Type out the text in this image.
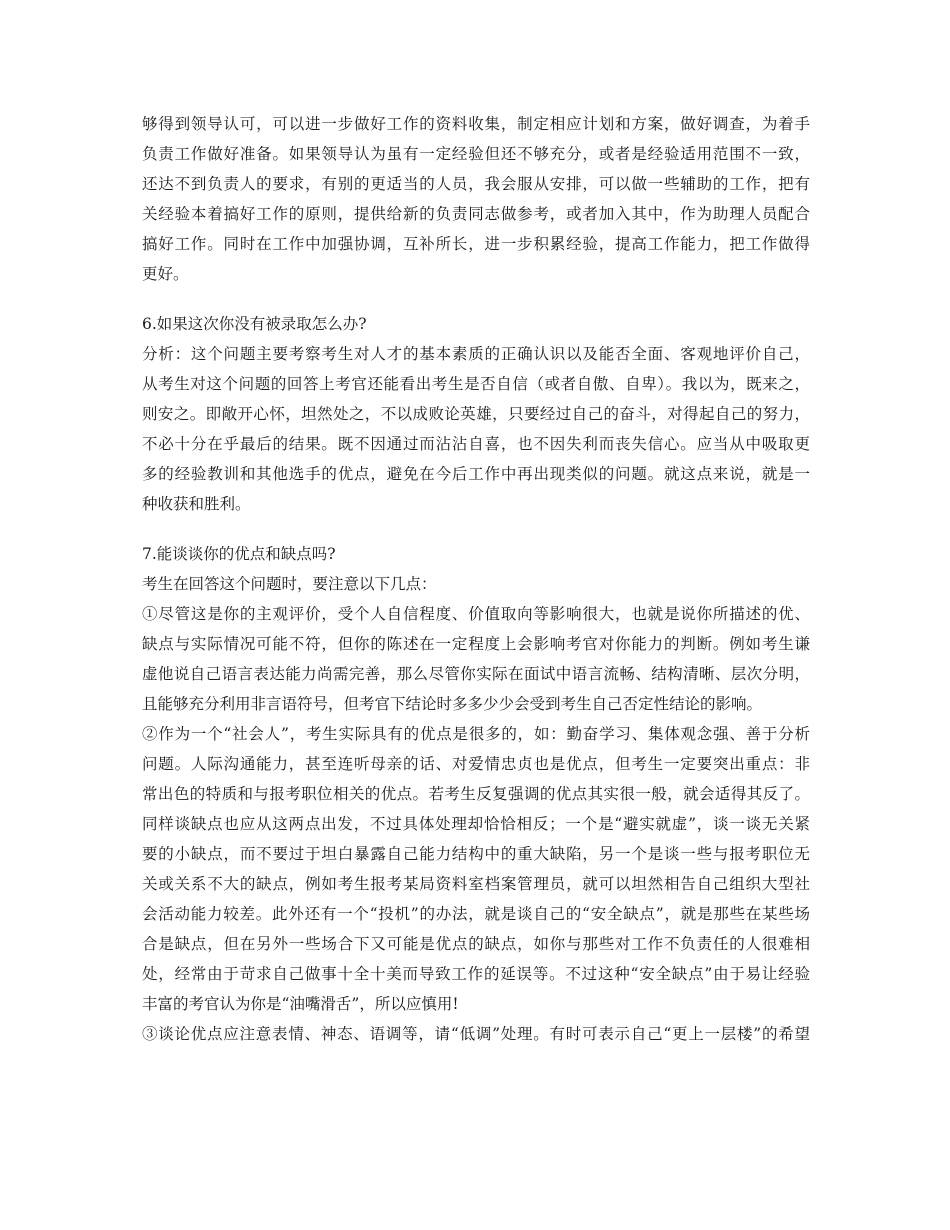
够得到领导认可，可以进一步做好工作的资料收集，制定相应计划和方案，做好调查，为着手
负责工作做好准备。如果领导认为虽有一定经验但还不够充分，或者是经验适用范围不一致，
还达不到负责人的要求，有别的更适当的人员，我会服从安排，可以做一些辅助的工作，把有
关经验本着搞好工作的原则，提供给新的负责同志做参考，或者加入其中，作为助理人员配合
搞好工作。同时在工作中加强协调，互补所长，进一步积累经验，提高工作能力，把工作做得
更好。
6.如果这次你没有被录取怎么办?
分析：这个问题主要考察考生对人才的基本素质的正确认识以及能否全面、客观地评价自己，
从考生对这个问题的回答上考官还能看出考生是否自信（或者自傲、自卑）。我以为，既来之，
则安之。即敞开心怀，坦然处之，不以成败论英雄，只要经过自己的奋斗，对得起自己的努力，
不必十分在乎最后的结果。既不因通过而沾沾自喜，也不因失利而丧失信心。应当从中吸取更
多的经验教训和其他选手的优点，避免在今后工作中再出现类似的问题。就这点来说，就是一
种收获和胜利。
7.能谈谈你的优点和缺点吗?
考生在回答这个问题时，要注意以下几点：
①尽管这是你的主观评价，受个人自信程度、价值取向等影响很大，也就是说你所描述的优、
缺点与实际情况可能不符，但你的陈述在一定程度上会影响考官对你能力的判断。例如考生谦
虚他说自己语言表达能力尚需完善，那么尽管你实际在面试中语言流畅、结构清晰、层次分明，
且能够充分利用非言语符号，但考官下结论时多多少少会受到考生自己否定性结论的影响。
②作为一个“社会人”，考生实际具有的优点是很多的，如：勤奋学习、集体观念强、善于分析
问题。人际沟通能力，甚至连听母亲的话、对爱情忠贞也是优点，但考生一定要突出重点：非
常出色的特质和与报考职位相关的优点。若考生反复强调的优点其实很一般，就会适得其反了。
同样谈缺点也应从这两点出发，不过具体处理却恰恰相反；一个是“避实就虚”，谈一谈无关紧
要的小缺点，而不要过于坦白暴露自己能力结构中的重大缺陷，另一个是谈一些与报考职位无
关或关系不大的缺点，例如考生报考某局资料室档案管理员，就可以坦然相告自己组织大型社
会活动能力较差。此外还有一个“投机”的办法，就是谈自己的“安全缺点”，就是那些在某些场
合是缺点，但在另外一些场合下又可能是优点的缺点，如你与那些对工作不负责任的人很难相
处，经常由于苛求自己做事十全十美而导致工作的延误等。不过这种“安全缺点”由于易让经验
丰富的考官认为你是“油嘴滑舌”，所以应慎用!
③谈论优点应注意表情、神态、语调等，请“低调”处理。有时可表示自己“更上一层楼”的希望
